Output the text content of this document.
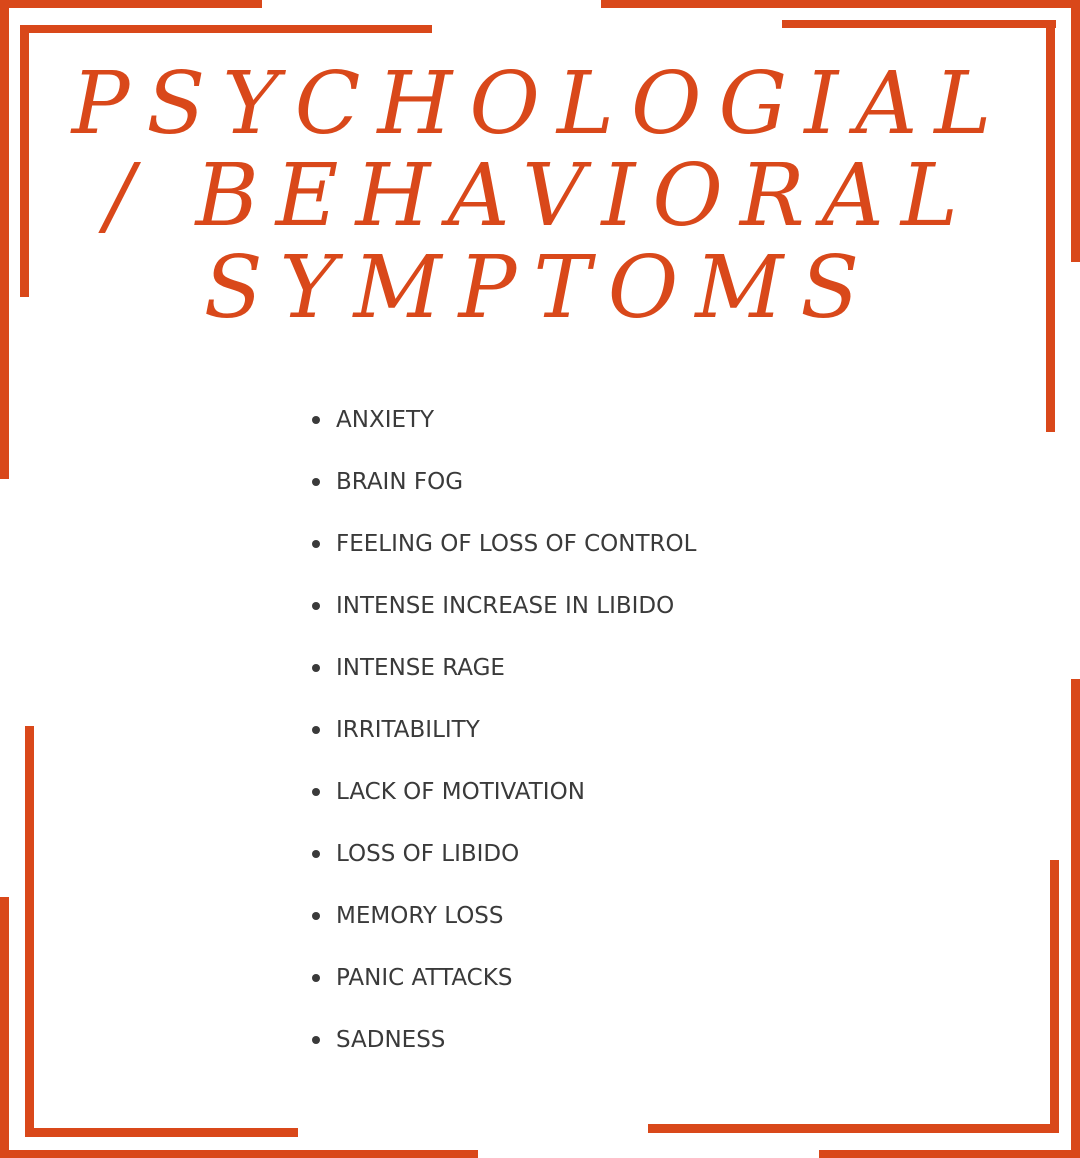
PSYCHOLOGIAL
/ BEHAVIORAL
SYMPTOMS
ANXIETY
BRAIN FOG
FEELING OF LOSS OF CONTROL
INTENSE INCREASE IN LIBIDO
INTENSE RAGE
IRRITABILITY
LACK OF MOTIVATION
LOSS OF LIBIDO
MEMORY LOSS
PANIC ATTACKS
SADNESS
